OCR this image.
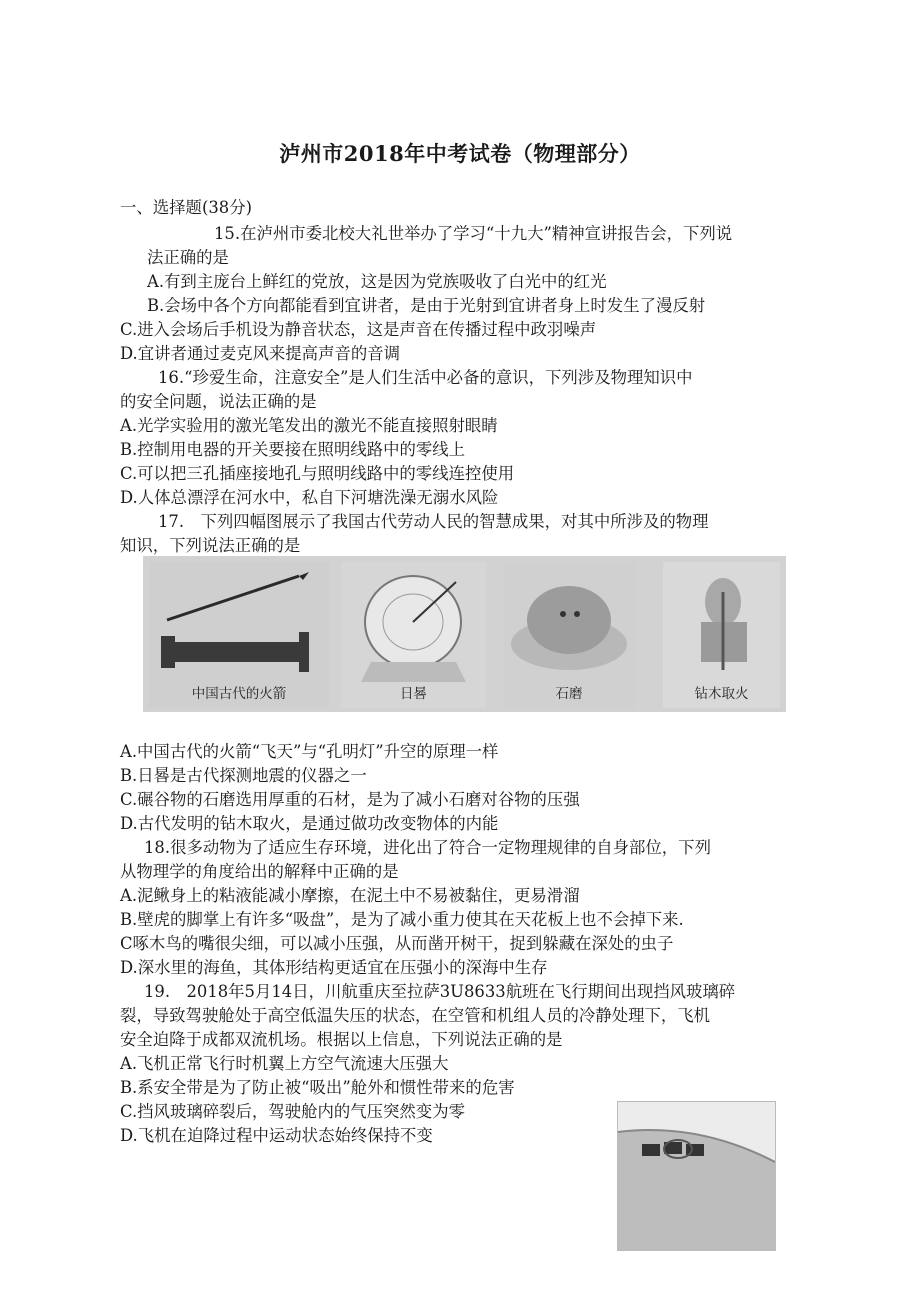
泸州市2018年中考试卷（物理部分）
一、选择题(38分)
15.在泸州市委北校大礼世举办了学习“十九大”精神宣讲报告会，下列说
法正确的是
A.有到主庞台上鲜红的党放，这是因为党族吸收了白光中的红光
B.会场中各个方向都能看到宜讲者，是由于光射到宜讲者身上时发生了漫反射
C.进入会场后手机设为静音状态，这是声音在传播过程中政羽噪声
D.宜讲者通过麦克风来提高声音的音调
16.“珍爱生命，注意安全”是人们生活中必备的意识，下列涉及物理知识中
的安全问题，说法正确的是
A.光学实验用的激光笔发出的激光不能直接照射眼睛
B.控制用电器的开关要接在照明线路中的零线上
C.可以把三孔插座接地孔与照明线路中的零线连控使用
D.人体总漂浮在河水中，私自下河塘洗澡无溺水风险
17.　下列四幅图展示了我国古代劳动人民的智慧成果，对其中所涉及的物理
知识，下列说法正确的是
中国古代的火箭	日晷	石磨	钻木取火
A.中国古代的火箭“飞天”与“孔明灯”升空的原理一样
B.日晷是古代探测地震的仪器之一
C.碾谷物的石磨选用厚重的石材，是为了减小石磨对谷物的压强
D.古代发明的钻木取火，是通过做功改变物体的内能
18.很多动物为了适应生存环境，进化出了符合一定物理规律的自身部位，下列
从物理学的角度给出的解释中正确的是
A.泥鳅身上的粘液能减小摩擦，在泥土中不易被黏住，更易滑溜
B.壁虎的脚掌上有许多“吸盘”，是为了减小重力使其在天花板上也不会掉下来.
C啄木鸟的嘴很尖细，可以减小压强，从而凿开树干，捉到躲藏在深处的虫子
D.深水里的海鱼，其体形结构更适宜在压强小的深海中生存
19.　2018年5月14日，川航重庆至拉萨3U8633航班在飞行期间出现挡风玻璃碎
裂，导致驾驶舱处于高空低温失压的状态，在空管和机组人员的冷静处理下，飞机
安全迫降于成都双流机场。根据以上信息，下列说法正确的是
A.飞机正常飞行时机翼上方空气流速大压强大
B.系安全带是为了防止被“吸出”舱外和惯性带来的危害
C.挡风玻璃碎裂后，驾驶舱内的气压突然变为零
D.飞机在迫降过程中运动状态始终保持不变
